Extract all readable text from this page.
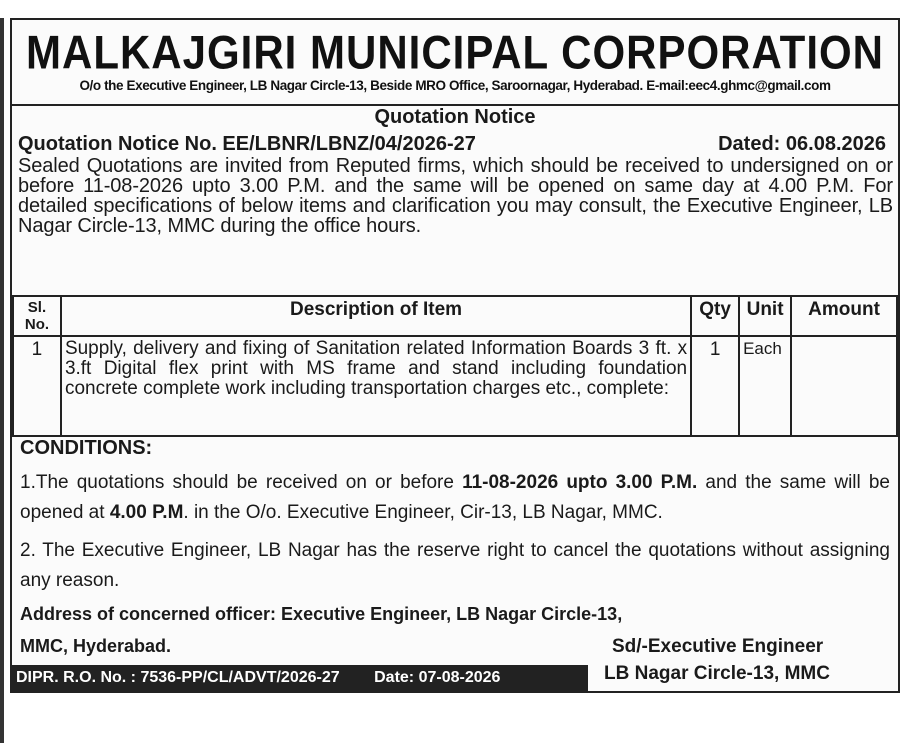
MALKAJGIRI MUNICIPAL CORPORATION
O/o the Executive Engineer, LB Nagar Circle-13, Beside MRO Office, Saroornagar, Hyderabad. E-mail:eec4.ghmc@gmail.com
Quotation Notice
Quotation Notice No. EE/LBNR/LBNZ/04/2026-27	Dated: 06.08.2026
Sealed Quotations are invited from Reputed firms, which should be received to undersigned on or before 11-08-2026 upto 3.00 P.M. and the same will be opened on same day at 4.00 P.M. For detailed specifications of below items and clarification you may consult, the Executive Engineer, LB Nagar Circle-13, MMC during the office hours.
Sl. No.	Description of Item	Qty	Unit	Amount
1	Supply, delivery and fixing of Sanitation related Information Boards 3 ft. x 3.ft Digital flex print with MS frame and stand including foundation concrete complete work including transportation charges etc., complete:	1	Each	
CONDITIONS:
1.The quotations should be received on or before 11-08-2026 upto 3.00 P.M. and the same will be opened at 4.00 P.M. in the O/o. Executive Engineer, Cir-13, LB Nagar, MMC.
2. The Executive Engineer, LB Nagar has the reserve right to cancel the quotations without assigning any reason.
Address of concerned officer: Executive Engineer, LB Nagar Circle-13,
MMC, Hyderabad.	Sd/-Executive Engineer
LB Nagar Circle-13, MMC
DIPR. R.O. No. : 7536-PP/CL/ADVT/2026-27 Date: 07-08-2026
